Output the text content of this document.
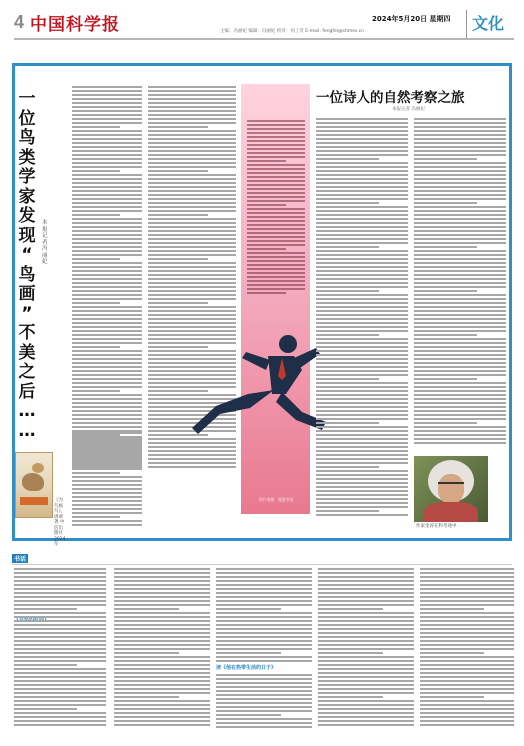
4 中国科学报	2024年5月20日 星期四
主编：冯丽妃 编辑：冯丽妃 校对：何工奇 E-mail: fengfei@stimes.cn	文化
一
位
鸟
类
学
家
发
现
“
鸟
画
”
不
美
之
后
…
…
本报记者 冯丽妃
《为鸟画鸟》，周翠 著 中信出版社2024年
图片来源：视觉中国
一位诗人的自然考察之旅
本报记者 冯丽妃
作家金涛在科考途中
书话
读《他在热带生活的日子》
